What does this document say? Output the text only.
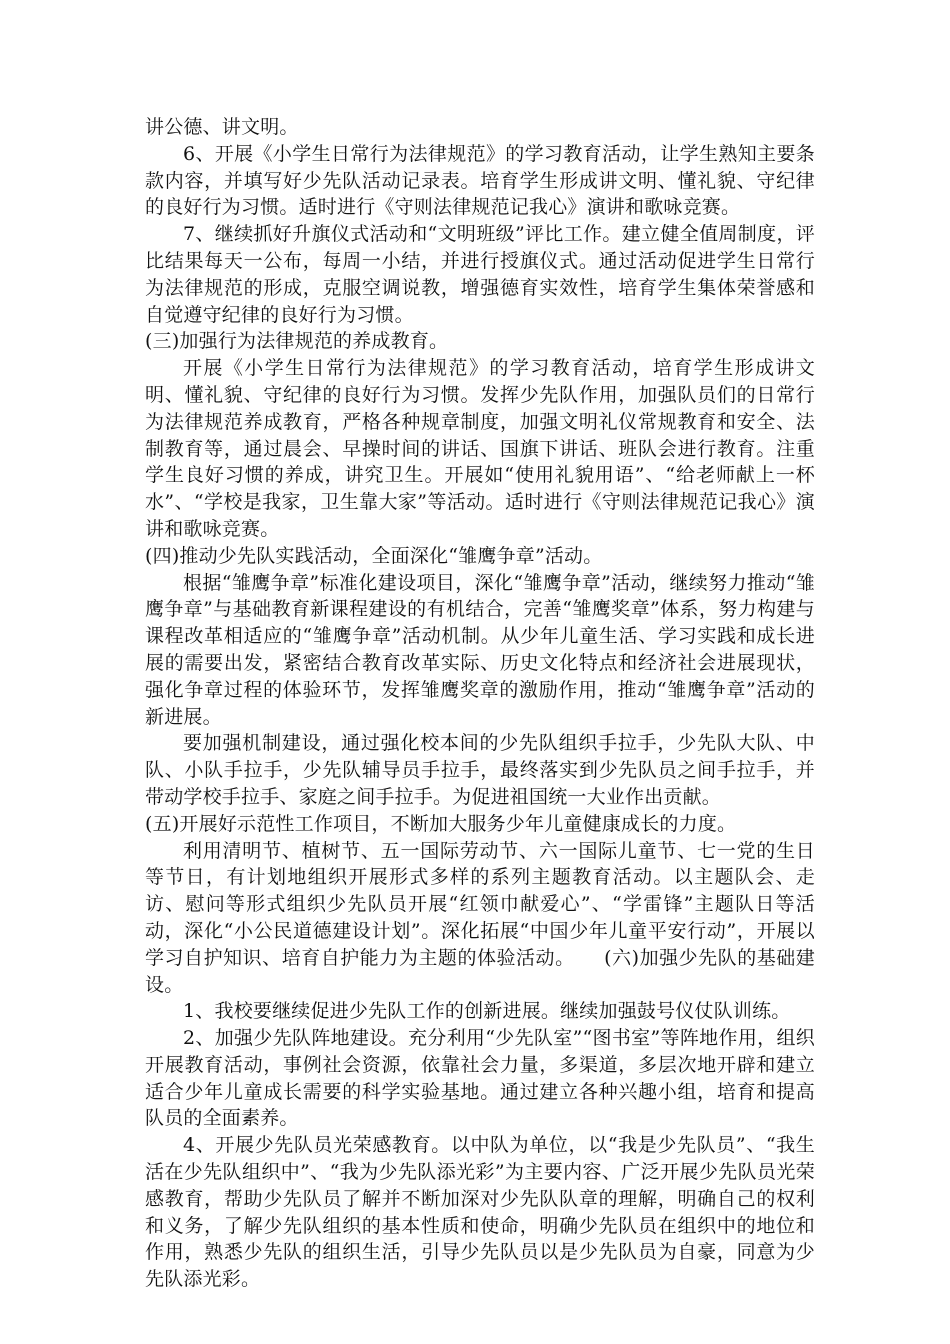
讲公德、讲文明。

6、开展《小学生日常行为法律规范》的学习教育活动，让学生熟知主要条款内容，并填写好少先队活动记录表。培育学生形成讲文明、懂礼貌、守纪律的良好行为习惯。适时进行《守则法律规范记我心》演讲和歌咏竞赛。

7、继续抓好升旗仪式活动和“文明班级”评比工作。建立健全值周制度，评比结果每天一公布，每周一小结，并进行授旗仪式。通过活动促进学生日常行为法律规范的形成，克服空调说教，增强德育实效性，培育学生集体荣誉感和自觉遵守纪律的良好行为习惯。

(三)加强行为法律规范的养成教育。

开展《小学生日常行为法律规范》的学习教育活动，培育学生形成讲文明、懂礼貌、守纪律的良好行为习惯。发挥少先队作用，加强队员们的日常行为法律规范养成教育，严格各种规章制度，加强文明礼仪常规教育和安全、法制教育等，通过晨会、早操时间的讲话、国旗下讲话、班队会进行教育。注重学生良好习惯的养成，讲究卫生。开展如“使用礼貌用语”、“给老师献上一杯水”、“学校是我家，卫生靠大家”等活动。适时进行《守则法律规范记我心》演讲和歌咏竞赛。

(四)推动少先队实践活动，全面深化“雏鹰争章”活动。

根据“雏鹰争章”标准化建设项目，深化“雏鹰争章”活动，继续努力推动“雏鹰争章”与基础教育新课程建设的有机结合，完善“雏鹰奖章”体系，努力构建与课程改革相适应的“雏鹰争章”活动机制。从少年儿童生活、学习实践和成长进展的需要出发，紧密结合教育改革实际、历史文化特点和经济社会进展现状，强化争章过程的体验环节，发挥雏鹰奖章的激励作用，推动“雏鹰争章”活动的新进展。

要加强机制建设，通过强化校本间的少先队组织手拉手，少先队大队、中队、小队手拉手，少先队辅导员手拉手，最终落实到少先队员之间手拉手，并带动学校手拉手、家庭之间手拉手。为促进祖国统一大业作出贡献。

(五)开展好示范性工作项目，不断加大服务少年儿童健康成长的力度。

利用清明节、植树节、五一国际劳动节、六一国际儿童节、七一党的生日等节日，有计划地组织开展形式多样的系列主题教育活动。以主题队会、走访、慰问等形式组织少先队员开展“红领巾献爱心”、“学雷锋”主题队日等活动，深化“小公民道德建设计划”。深化拓展“中国少年儿童平安行动”，开展以学习自护知识、培育自护能力为主题的体验活动。　　(六)加强少先队的基础建设。

1、我校要继续促进少先队工作的创新进展。继续加强鼓号仪仗队训练。

2、加强少先队阵地建设。充分利用“少先队室”“图书室”等阵地作用，组织开展教育活动，事例社会资源，依靠社会力量，多渠道，多层次地开辟和建立适合少年儿童成长需要的科学实验基地。通过建立各种兴趣小组，培育和提高队员的全面素养。

4、开展少先队员光荣感教育。以中队为单位，以“我是少先队员”、“我生活在少先队组织中”、“我为少先队添光彩”为主要内容、广泛开展少先队员光荣感教育，帮助少先队员了解并不断加深对少先队队章的理解，明确自己的权利和义务，了解少先队组织的基本性质和使命，明确少先队员在组织中的地位和作用，熟悉少先队的组织生活，引导少先队员以是少先队员为自豪，同意为少先队添光彩。
